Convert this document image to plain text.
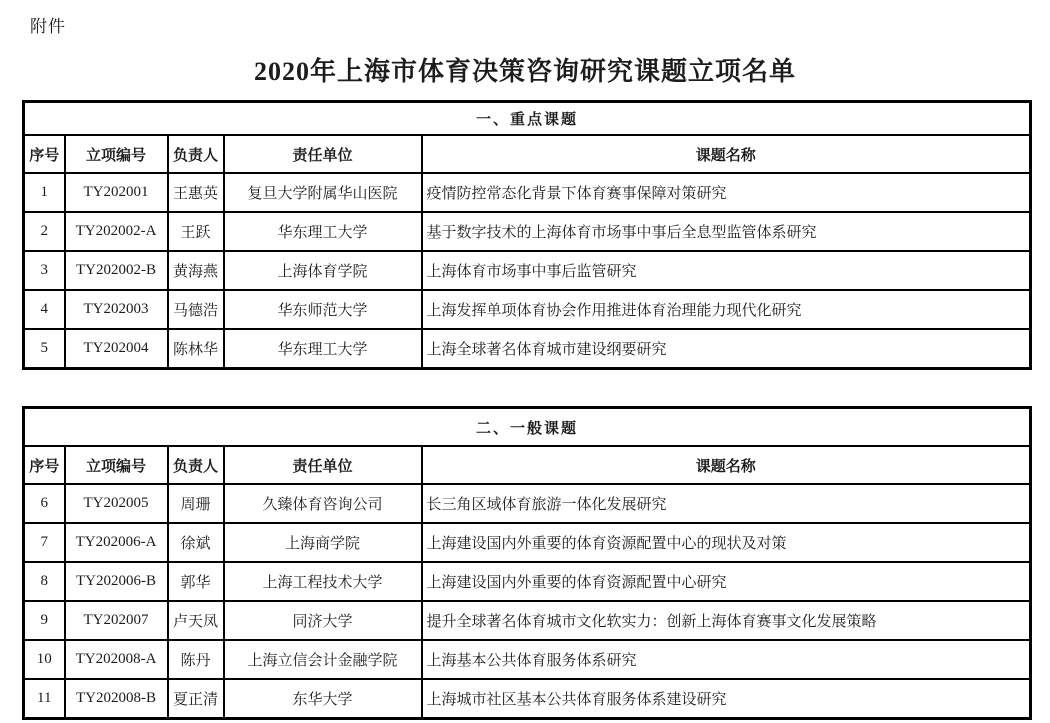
附件
2020年上海市体育决策咨询研究课题立项名单
一、重点课题				
序号	立项编号	负责人	责任单位	课题名称
1	TY202001	王惠英	复旦大学附属华山医院	疫情防控常态化背景下体育赛事保障对策研究
2	TY202002-A	王跃	华东理工大学	基于数字技术的上海体育市场事中事后全息型监管体系研究
3	TY202002-B	黄海燕	上海体育学院	上海体育市场事中事后监管研究
4	TY202003	马德浩	华东师范大学	上海发挥单项体育协会作用推进体育治理能力现代化研究
5	TY202004	陈林华	华东理工大学	上海全球著名体育城市建设纲要研究
二、一般课题				
序号	立项编号	负责人	责任单位	课题名称
6	TY202005	周珊	久臻体育咨询公司	长三角区域体育旅游一体化发展研究
7	TY202006-A	徐斌	上海商学院	上海建设国内外重要的体育资源配置中心的现状及对策
8	TY202006-B	郭华	上海工程技术大学	上海建设国内外重要的体育资源配置中心研究
9	TY202007	卢天凤	同济大学	提升全球著名体育城市文化软实力：创新上海体育赛事文化发展策略
10	TY202008-A	陈丹	上海立信会计金融学院	上海基本公共体育服务体系研究
11	TY202008-B	夏正清	东华大学	上海城市社区基本公共体育服务体系建设研究
